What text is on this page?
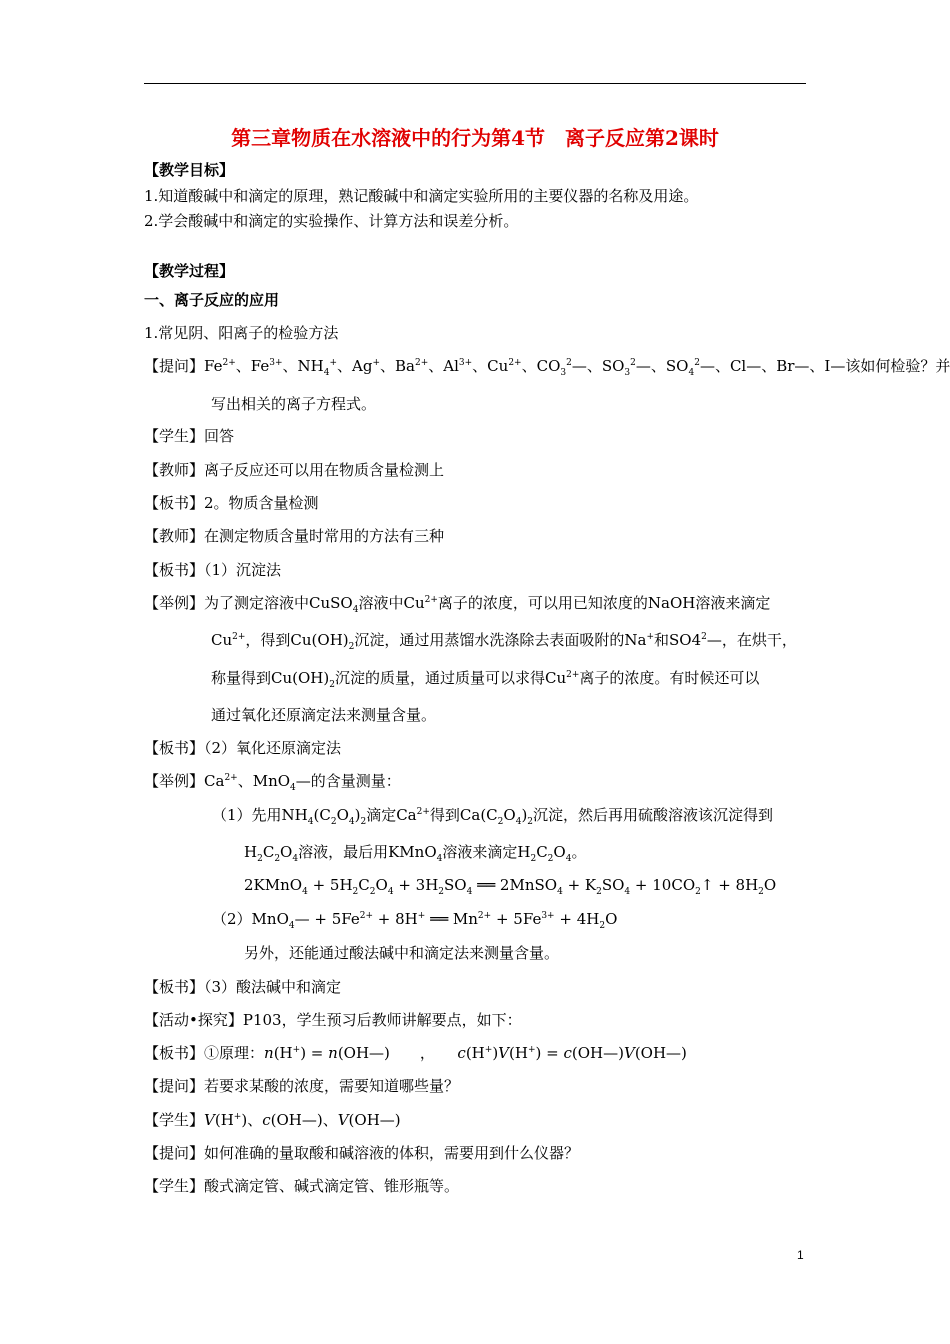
第三章物质在水溶液中的行为第4节　离子反应第2课时
【教学目标】
1.知道酸碱中和滴定的原理，熟记酸碱中和滴定实验所用的主要仪器的名称及用途。
2.学会酸碱中和滴定的实验操作、计算方法和误差分析。
【教学过程】
一、离子反应的应用
1.常见阴、阳离子的检验方法
【提问】$Fe^{2+}$、$Fe^{3+}$、$NH_4^+$、Ag+、$Ba^{2+}$、$Al^{3+}$、$Cu^{2+}$、$CO_3^2—$、$SO_3^2—$、$SO_4^2—$、Cl—、Br—、I—该如何检验？并
写出相关的离子方程式。
【学生】回答
【教师】离子反应还可以用在物质含量检测上
【板书】2。物质含量检测
【教师】在测定物质含量时常用的方法有三种
【板书】（1）沉淀法
【举例】为了测定溶液中CuSO$_4$溶液中$Cu^{2+}$离子的浓度，可以用已知浓度的NaOH溶液来滴定
$Cu^{2+}$，得到$Cu(OH)_2$沉淀，通过用蒸馏水洗涤除去表面吸附的Na+和$SO4^2—$，在烘干，
称量得到$Cu(OH)_2$沉淀的质量，通过质量可以求得$Cu^{2+}$离子的浓度。有时候还可以
通过氧化还原滴定法来测量含量。
【板书】（2）氧化还原滴定法
【举例】$Ca^{2+}$、MnO$_4$—的含量测量：
（1）先用$NH_4(C_2O_4)_2$滴定$Ca^{2+}$得到$Ca(C_2O_4)_2$沉淀，然后再用硫酸溶液该沉淀得到
$H_2C_2O_4$溶液，最后用KMnO$_4$溶液来滴定$H_2C_2O_4$。
2KMnO$_4$ + $5H_2C_2O_4 + 3H_2SO_4$ ══ 2MnSO$_4$ + $K_2SO_4$ + $10CO_2↑ + 8H_2O$
（2）MnO$_4$— + $5Fe^{2+} + 8H^+$ ══ $Mn^{2+} + 5Fe^{3+} + 4H_2O$
另外，还能通过酸法碱中和滴定法来测量含量。
【板书】（3）酸法碱中和滴定
【活动•探究】P103，学生预习后教师讲解要点，如下：
【板书】①原理：n(H+) = n(OH—)　　，　　c(H+)V(H+) = c(OH—)V(OH—)
【提问】若要求某酸的浓度，需要知道哪些量？
【学生】V(H+)、c(OH—)、V(OH—)
【提问】如何准确的量取酸和碱溶液的体积，需要用到什么仪器？
【学生】酸式滴定管、碱式滴定管、锥形瓶等。
1
